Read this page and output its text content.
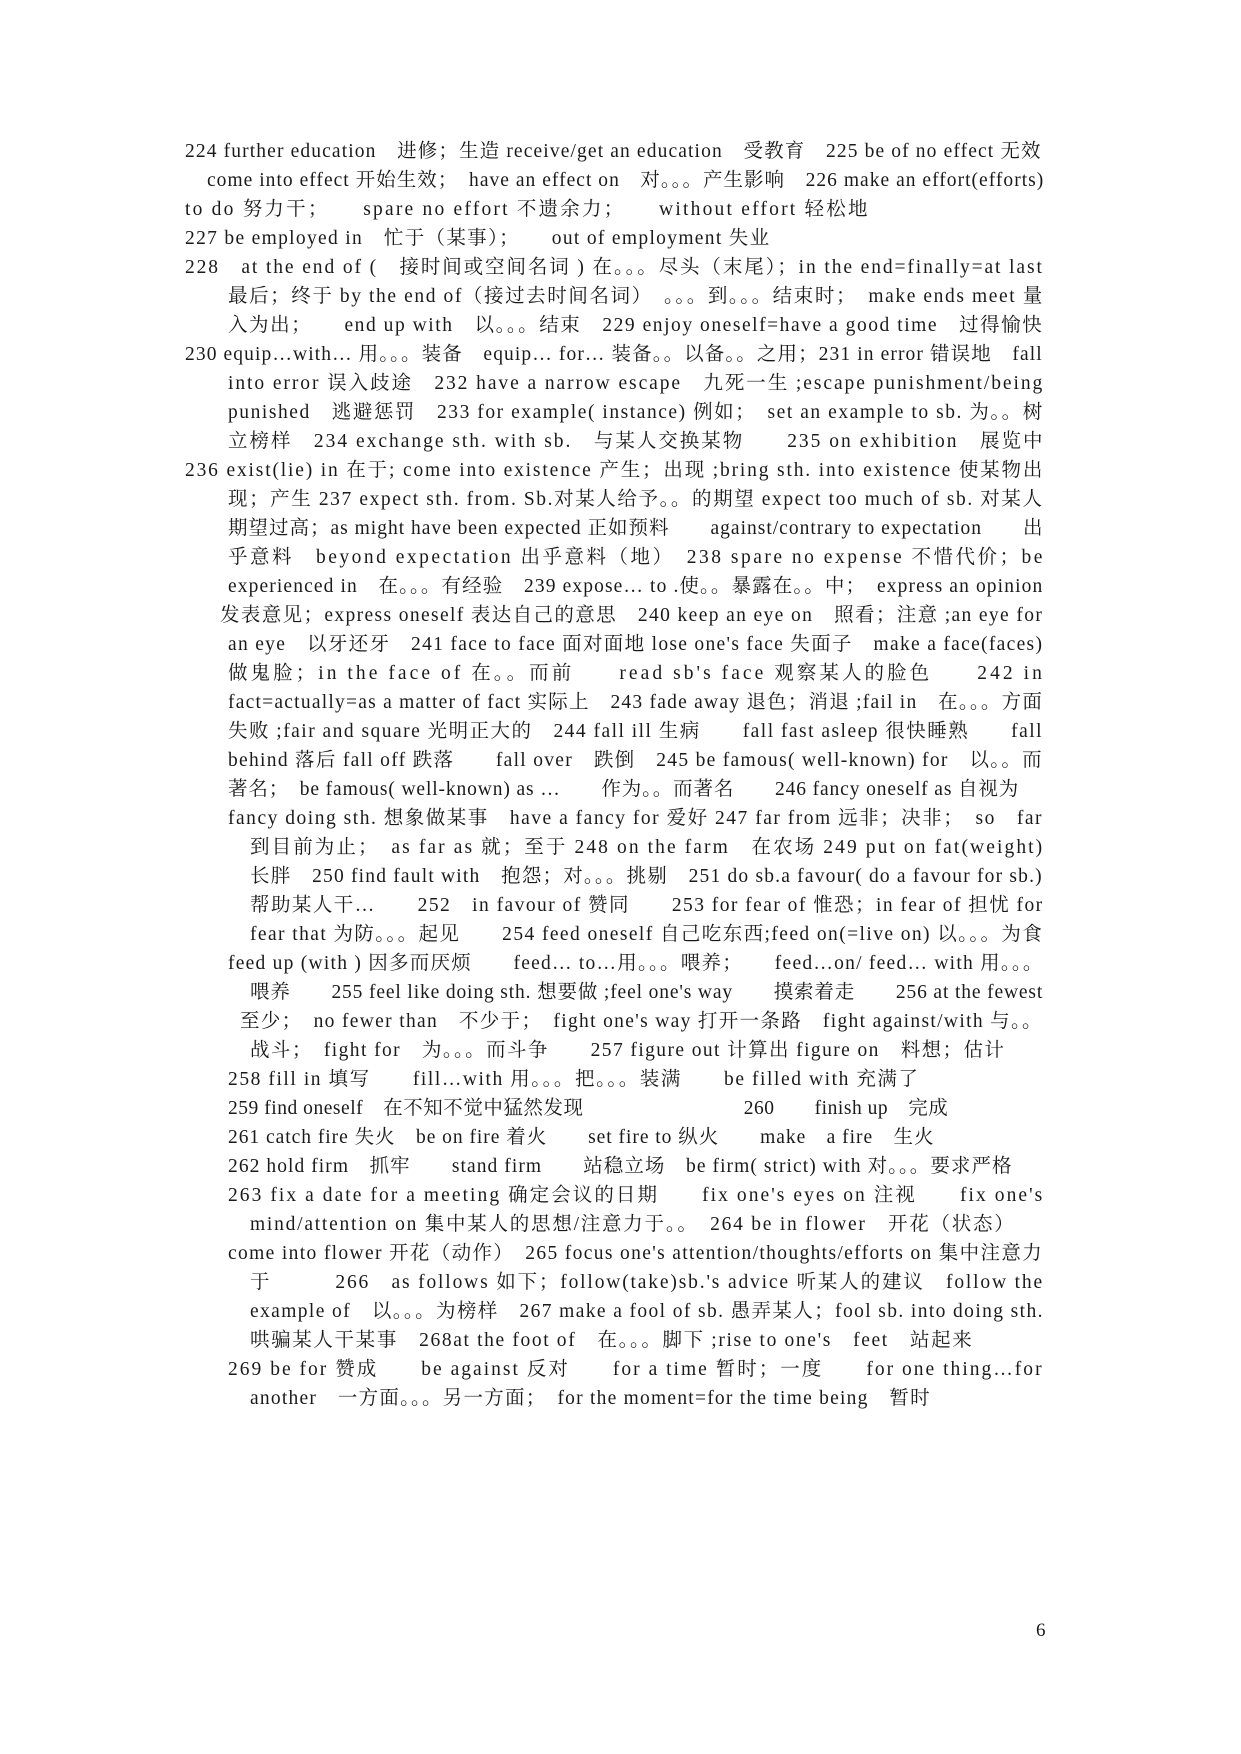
224 further education　进修；生造 receive/get an education　受教育　225 be of no effect 无效
come into effect 开始生效；　have an effect on　对。。。产生影响　226 make an effort(efforts)
to do 努力干；　　spare no effort 不遗余力；　　without effort 轻松地
227 be employed in　忙于（某事）；　　out of employment 失业
228　at the end of (　接时间或空间名词 ) 在。。。尽头（末尾）；in the end=finally=at last
最后；终于 by the end of（接过去时间名词）　。。。到。。。结束时；　make ends meet 量
入为出；　　end up with　以。。。结束　229 enjoy oneself=have a good time　过得愉快
230 equip…with… 用。。。装备　equip… for… 装备。。以备。。之用；231 in error 错误地　fall
into error 误入歧途　232 have a narrow escape　九死一生 ;escape punishment/being
punished　逃避惩罚　233 for example( instance) 例如；　set an example to sb. 为。。树
立榜样　234 exchange sth. with sb.　与某人交换某物　　235 on exhibition　展览中
236 exist(lie) in 在于; come into existence 产生；出现 ;bring sth. into existence 使某物出
现；产生 237 expect sth. from. Sb.对某人给予。。的期望 expect too much of sb. 对某人
期望过高；as might have been expected 正如预料　　against/contrary to expectation　　出
乎意料　beyond expectation 出乎意料（地）　238 spare no expense 不惜代价；be
experienced in　在。。。有经验　239 expose… to .使。。暴露在。。中；　express an opinion
发表意见；express oneself 表达自己的意思　240 keep an eye on　照看；注意 ;an eye for
an eye　以牙还牙　241 face to face 面对面地 lose one's face 失面子　make a face(faces)
做鬼脸；in the face of 在。。而前　　read sb's face 观察某人的脸色　　242 in
fact=actually=as a matter of fact 实际上　243 fade away 退色；消退 ;fail in　在。。。方面
失败 ;fair and square 光明正大的　244 fall ill 生病　　fall fast asleep 很快睡熟　　fall
behind 落后 fall off 跌落　　fall over　跌倒　245 be famous( well-known) for　以。。而
著名；　be famous( well-known) as …　　作为。。而著名　　246 fancy oneself as 自视为
fancy doing sth. 想象做某事　have a fancy for 爱好 247 far from 远非；决非；　so　far
到目前为止；　as far as 就；至于 248 on the farm　在农场 249 put on fat(weight)
长胖　250 find fault with　抱怨；对。。。挑剔　251 do sb.a favour( do a favour for sb.)
帮助某人干…　　252　in favour of 赞同　　253 for fear of 惟恐；in fear of 担忧 for
fear that 为防。。。起见　　254 feed oneself 自己吃东西;feed on(=live on) 以。。。为食
feed up (with ) 因多而厌烦　　feed… to…用。。。喂养；　　feed…on/ feed… with 用。。。
喂养　　255 feel like doing sth. 想要做 ;feel one's way　　摸索着走　　256 at the fewest
至少；　no fewer than　不少于；　fight one's way 打开一条路　fight against/with 与。。
战斗；　fight for　为。。。而斗争　　257 figure out 计算出 figure on　料想；估计
258 fill in 填写　　fill…with 用。。。把。。。装满　　be filled with 充满了
259 find oneself　在不知不觉中猛然发现　　　　　　　　260　　finish up　完成
261 catch fire 失火　be on fire 着火　　set fire to 纵火　　make　a fire　生火
262 hold firm　抓牢　　stand firm　　站稳立场　be firm( strict) with 对。。。要求严格
263 fix a date for a meeting 确定会议的日期　　fix one's eyes on 注视　　fix one's
mind/attention on 集中某人的思想/注意力于。。　264 be in flower　开花（状态）
come into flower 开花（动作）　265 focus one's attention/thoughts/efforts on 集中注意力
于　　　266　as follows 如下；follow(take)sb.'s advice 听某人的建议　follow the
example of　以。。。为榜样　267 make a fool of sb. 愚弄某人；fool sb. into doing sth.
哄骗某人干某事　268at the foot of　在。。。脚下 ;rise to one's　feet　站起来
269 be for 赞成　　be against 反对　　for a time 暂时；一度　　for one thing…for
another　一方面。。。另一方面；　for the moment=for the time being　暂时
6
